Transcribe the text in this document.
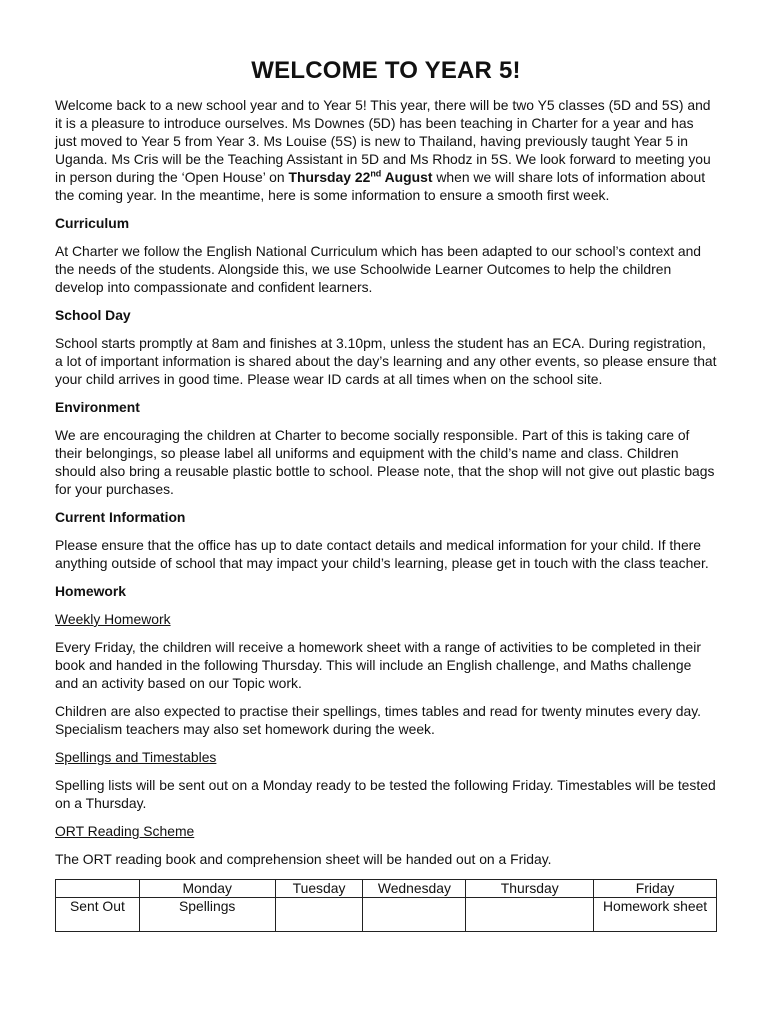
WELCOME TO YEAR 5!

Welcome back to a new school year and to Year 5! This year, there will be two Y5 classes (5D and 5S) and it is a pleasure to introduce ourselves. Ms Downes (5D) has been teaching in Charter for a year and has just moved to Year 5 from Year 3. Ms Louise (5S) is new to Thailand, having previously taught Year 5 in Uganda. Ms Cris will be the Teaching Assistant in 5D and Ms Rhodz in 5S. We look forward to meeting you in person during the ‘Open House’ on Thursday 22nd August when we will share lots of information about the coming year. In the meantime, here is some information to ensure a smooth first week.

Curriculum

At Charter we follow the English National Curriculum which has been adapted to our school’s context and the needs of the students. Alongside this, we use Schoolwide Learner Outcomes to help the children develop into compassionate and confident learners.

School Day

School starts promptly at 8am and finishes at 3.10pm, unless the student has an ECA. During registration, a lot of important information is shared about the day’s learning and any other events, so please ensure that your child arrives in good time. Please wear ID cards at all times when on the school site.

Environment

We are encouraging the children at Charter to become socially responsible. Part of this is taking care of their belongings, so please label all uniforms and equipment with the child’s name and class. Children should also bring a reusable plastic bottle to school. Please note, that the shop will not give out plastic bags for your purchases.

Current Information

Please ensure that the office has up to date contact details and medical information for your child. If there anything outside of school that may impact your child’s learning, please get in touch with the class teacher.

Homework

Weekly Homework

Every Friday, the children will receive a homework sheet with a range of activities to be completed in their book and handed in the following Thursday. This will include an English challenge, and Maths challenge and an activity based on our Topic work.

Children are also expected to practise their spellings, times tables and read for twenty minutes every day. Specialism teachers may also set homework during the week.

Spellings and Timestables

Spelling lists will be sent out on a Monday ready to be tested the following Friday. Timestables will be tested on a Thursday.

ORT Reading Scheme

The ORT reading book and comprehension sheet will be handed out on a Friday.

	Monday	Tuesday	Wednesday	Thursday	Friday
Sent Out	Spellings				Homework sheet
